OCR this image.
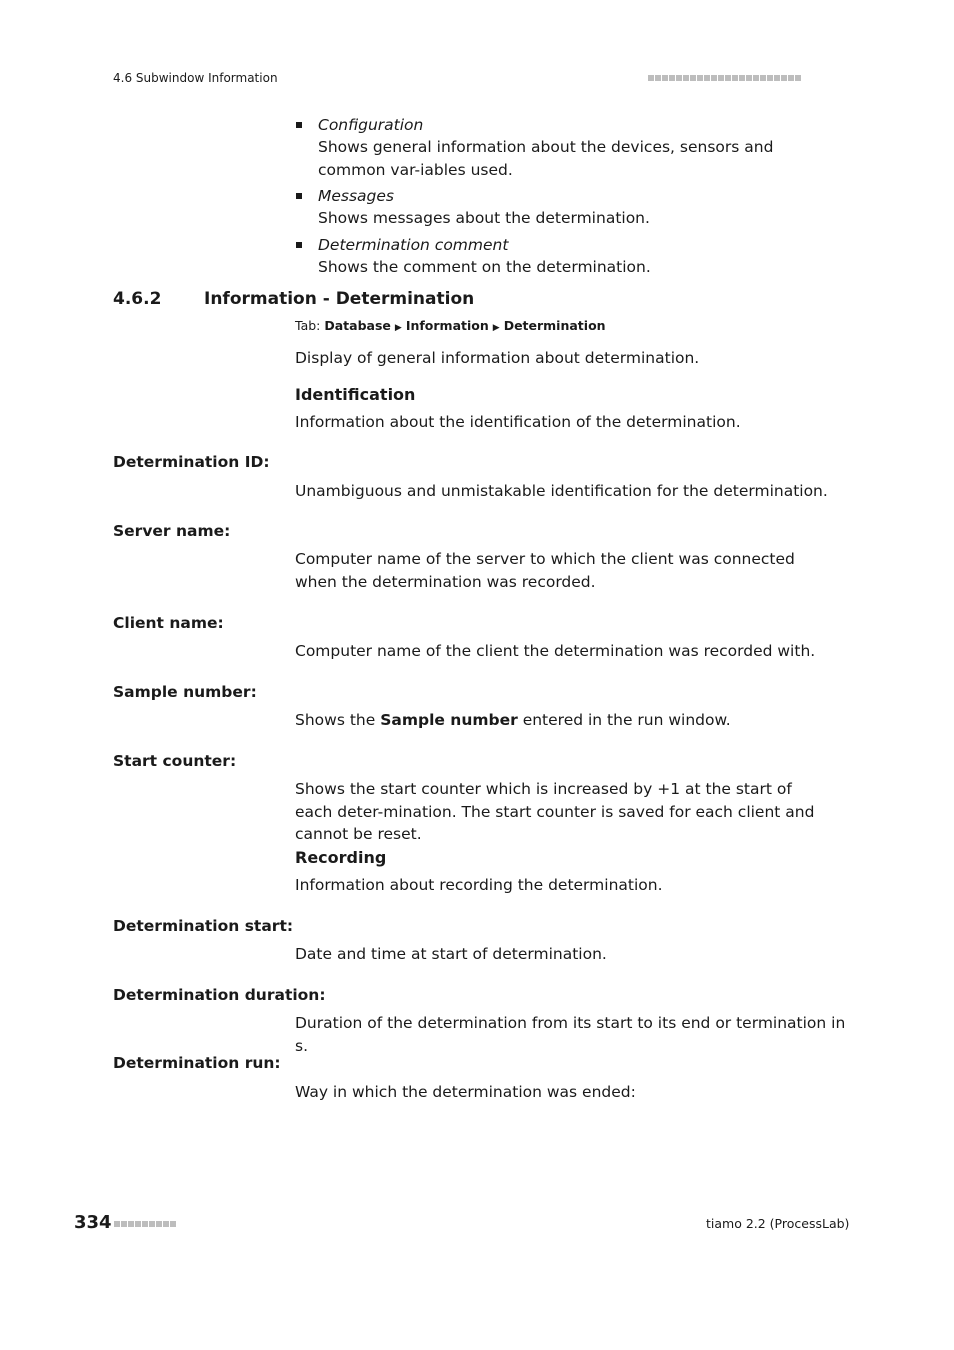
4.6 Subwindow Information
Configuration
Shows general information about the devices, sensors and common var-iables used.
Messages
Shows messages about the determination.
Determination comment
Shows the comment on the determination.
4.6.2	Information - Determination
Tab: Database ▶ Information ▶ Determination
Display of general information about determination.
Identification
Information about the identification of the determination.
Determination ID:
Unambiguous and unmistakable identification for the determination.
Server name:
Computer name of the server to which the client was connected when the determination was recorded.
Client name:
Computer name of the client the determination was recorded with.
Sample number:
Shows the Sample number entered in the run window.
Start counter:
Shows the start counter which is increased by +1 at the start of each deter-mination. The start counter is saved for each client and cannot be reset.
Recording
Information about recording the determination.
Determination start:
Date and time at start of determination.
Determination duration:
Duration of the determination from its start to its end or termination in s.
Determination run:
Way in which the determination was ended:
334	tiamo 2.2 (ProcessLab)
